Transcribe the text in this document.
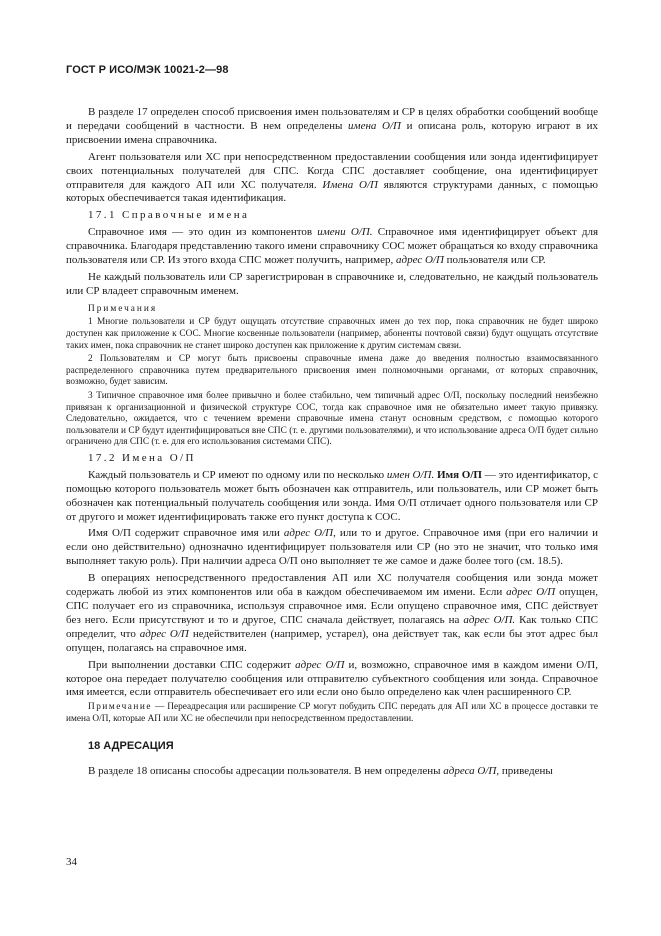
ГОСТ Р ИСО/МЭК 10021-2—98

В разделе 17 определен способ присвоения имен пользователям и СР в целях обработки сообщений вообще и передачи сообщений в частности. В нем определены имена О/П и описана роль, которую играют в их присвоении имена справочника.

Агент пользователя или ХС при непосредственном предоставлении сообщения или зонда идентифицирует своих потенциальных получателей для СПС. Когда СПС доставляет сообщение, она идентифицирует отправителя для каждого АП или ХС получателя. Имена О/П являются структурами данных, с помощью которых обеспечивается такая идентификация.

17.1 Справочные имена

Справочное имя — это один из компонентов имени О/П. Справочное имя идентифицирует объект для справочника. Благодаря представлению такого имени справочнику СОС может обращаться ко входу справочника пользователя или СР. Из этого входа СПС может получить, например, адрес О/П пользователя или СР.

Не каждый пользователь или СР зарегистрирован в справочнике и, следовательно, не каждый пользователь или СР владеет справочным именем.

Примечания

1 Многие пользователи и СР будут ощущать отсутствие справочных имен до тех пор, пока справочник не будет широко доступен как приложение к СОС. Многие косвенные пользователи (например, абоненты почтовой связи) будут ощущать отсутствие таких имен, пока справочник не станет широко доступен как приложение к другим системам связи.

2 Пользователям и СР могут быть присвоены справочные имена даже до введения полностью взаимосвязанного распределенного справочника путем предварительного присвоения имен полномочными органами, от которых справочник, возможно, будет зависим.

3 Типичное справочное имя более привычно и более стабильно, чем типичный адрес О/П, поскольку последний неизбежно привязан к организационной и физической структуре СОС, тогда как справочное имя не обязательно имеет такую привязку. Следовательно, ожидается, что с течением времени справочные имена станут основным средством, с помощью которого пользователи и СР будут идентифицироваться вне СПС (т. е. другими пользователями), и что использование адреса О/П будет сильно ограничено для СПС (т. е. для его использования системами СПС).

17.2 Имена О/П

Каждый пользователь и СР имеют по одному или по несколько имен О/П. Имя О/П — это идентификатор, с помощью которого пользователь может быть обозначен как отправитель, или пользователь, или СР может быть обозначен как потенциальный получатель сообщения или зонда. Имя О/П отличает одного пользователя или СР от другого и может идентифицировать также его пункт доступа к СОС.

Имя О/П содержит справочное имя или адрес О/П, или то и другое. Справочное имя (при его наличии и если оно действительно) однозначно идентифицирует пользователя или СР (но это не значит, что только имя выполняет такую роль). При наличии адреса О/П оно выполняет те же самое и даже более того (см. 18.5).

В операциях непосредственного предоставления АП или ХС получателя сообщения или зонда может содержать любой из этих компонентов или оба в каждом обеспечиваемом им имени. Если адрес О/П опущен, СПС получает его из справочника, используя справочное имя. Если опущено справочное имя, СПС действует без него. Если присутствуют и то и другое, СПС сначала действует, полагаясь на адрес О/П. Как только СПС определит, что адрес О/П недействителен (например, устарел), она действует так, как если бы этот адрес был опущен, полагаясь на справочное имя.

При выполнении доставки СПС содержит адрес О/П и, возможно, справочное имя в каждом имени О/П, которое она передает получателю сообщения или отправителю субъектного сообщения или зонда. Справочное имя имеется, если отправитель обеспечивает его или если оно было определено как член расширенного СР.

Примечание — Переадресация или расширение СР могут побудить СПС передать для АП или ХС в процессе доставки те имена О/П, которые АП или ХС не обеспечили при непосредственном предоставлении.

18 АДРЕСАЦИЯ

В разделе 18 описаны способы адресации пользователя. В нем определены адреса О/П, приведены

34
